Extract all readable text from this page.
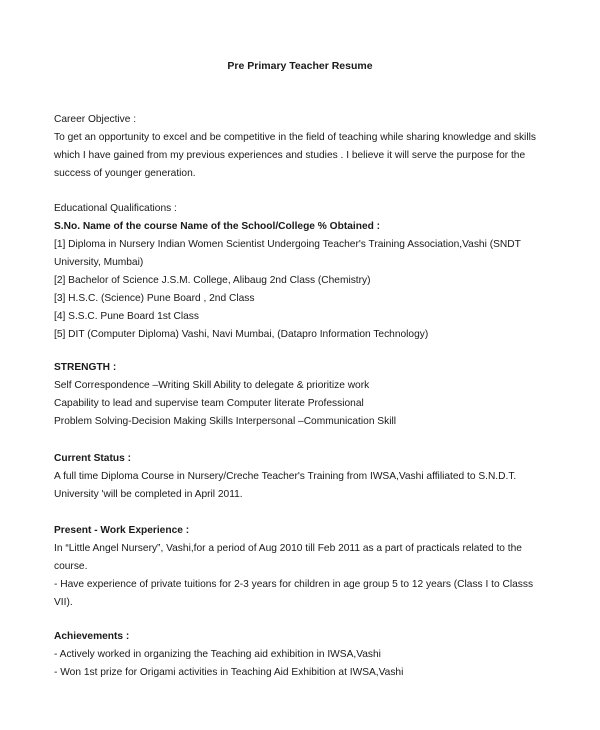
Pre Primary Teacher Resume
Career Objective :
To get an opportunity to excel and be competitive in the field of teaching while sharing knowledge and skills
which I have gained from my previous experiences and studies . I believe it will serve the purpose for the
success of younger generation.
Educational Qualifications :
S.No. Name of the course Name of the School/College % Obtained :
[1] Diploma in Nursery Indian Women Scientist Undergoing Teacher's Training Association,Vashi (SNDT
University, Mumbai)
[2] Bachelor of Science J.S.M. College, Alibaug 2nd Class (Chemistry)
[3] H.S.C. (Science) Pune Board , 2nd Class
[4] S.S.C. Pune Board 1st Class
[5] DIT (Computer Diploma) Vashi, Navi Mumbai, (Datapro Information Technology)
STRENGTH :
Self Correspondence –Writing Skill Ability to delegate & prioritize work
Capability to lead and supervise team Computer literate Professional
Problem Solving-Decision Making Skills Interpersonal –Communication Skill
Current Status :
A full time Diploma Course in Nursery/Creche Teacher's Training from IWSA,Vashi affiliated to S.N.D.T.
University 'will be completed in April 2011.
Present - Work Experience :
In “Little Angel Nursery”, Vashi,for a period of Aug 2010 till Feb 2011 as a part of practicals related to the
course.
- Have experience of private tuitions for 2-3 years for children in age group 5 to 12 years (Class I to Classs
VII).
Achievements :
- Actively worked in organizing the Teaching aid exhibition in IWSA,Vashi
- Won 1st prize for Origami activities in Teaching Aid Exhibition at IWSA,Vashi
